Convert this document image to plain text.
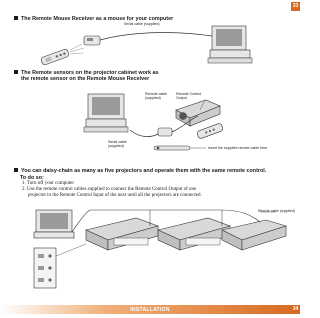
33
The Remote Mouse Receiver as a mouse for your computer
Serial cable (supplied)
The Remote sensors on the projector cabinet work as
the remote sensor on the Remote Mouse Receiver
Remote cable
(supplied)
Remote Control
Output
Serial cable
(supplied)	Insert the supplied remote cable here
You can daisy-chain as many as five projectors and operate them with the same remote control.
To do so:
1. Turn off your computer
2. Use the remote control cables supplied to connect the Remote Control Output of one
projector to the Remote Control Input of the next until all the projectors are connected.
Remote cable (supplied)
INSTALLATION	34
